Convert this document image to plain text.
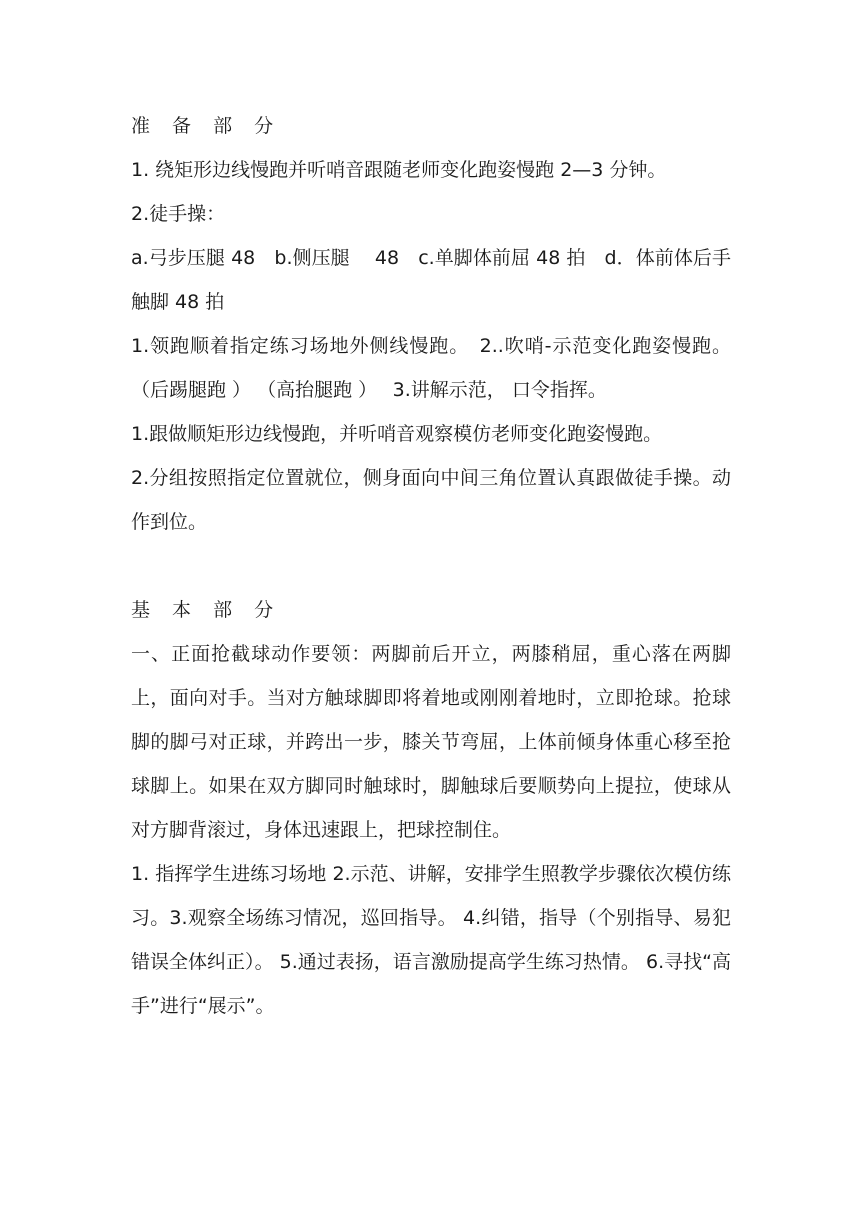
准 备 部 分

1. 绕矩形边线慢跑并听哨音跟随老师变化跑姿慢跑 2—3 分钟。

2.徒手操：

a.弓步压腿 48　b.侧压腿　 48　c.单脚体前屈 48 拍　d．体前体后手触脚 48 拍

1.领跑顺着指定练习场地外侧线慢跑。　2..吹哨-示范变化跑姿慢跑。 （后踢腿跑 ） （高抬腿跑 ）　 3.讲解示范， 口令指挥。

1.跟做顺矩形边线慢跑，并听哨音观察模仿老师变化跑姿慢跑。

2.分组按照指定位置就位，侧身面向中间三角位置认真跟做徒手操。动作到位。

基 本 部 分

一、正面抢截球动作要领：两脚前后开立，两膝稍屈，重心落在两脚上，面向对手。当对方触球脚即将着地或刚刚着地时，立即抢球。抢球脚的脚弓对正球，并跨出一步，膝关节弯屈，上体前倾身体重心移至抢球脚上。如果在双方脚同时触球时，脚触球后要顺势向上提拉，使球从对方脚背滚过，身体迅速跟上，把球控制住。

1. 指挥学生进练习场地 2.示范、讲解，安排学生照教学步骤依次模仿练习。3.观察全场练习情况，巡回指导。 4.纠错，指导（个别指导、易犯错误全体纠正）。 5.通过表扬，语言激励提高学生练习热情。 6.寻找“高手”进行“展示”。
